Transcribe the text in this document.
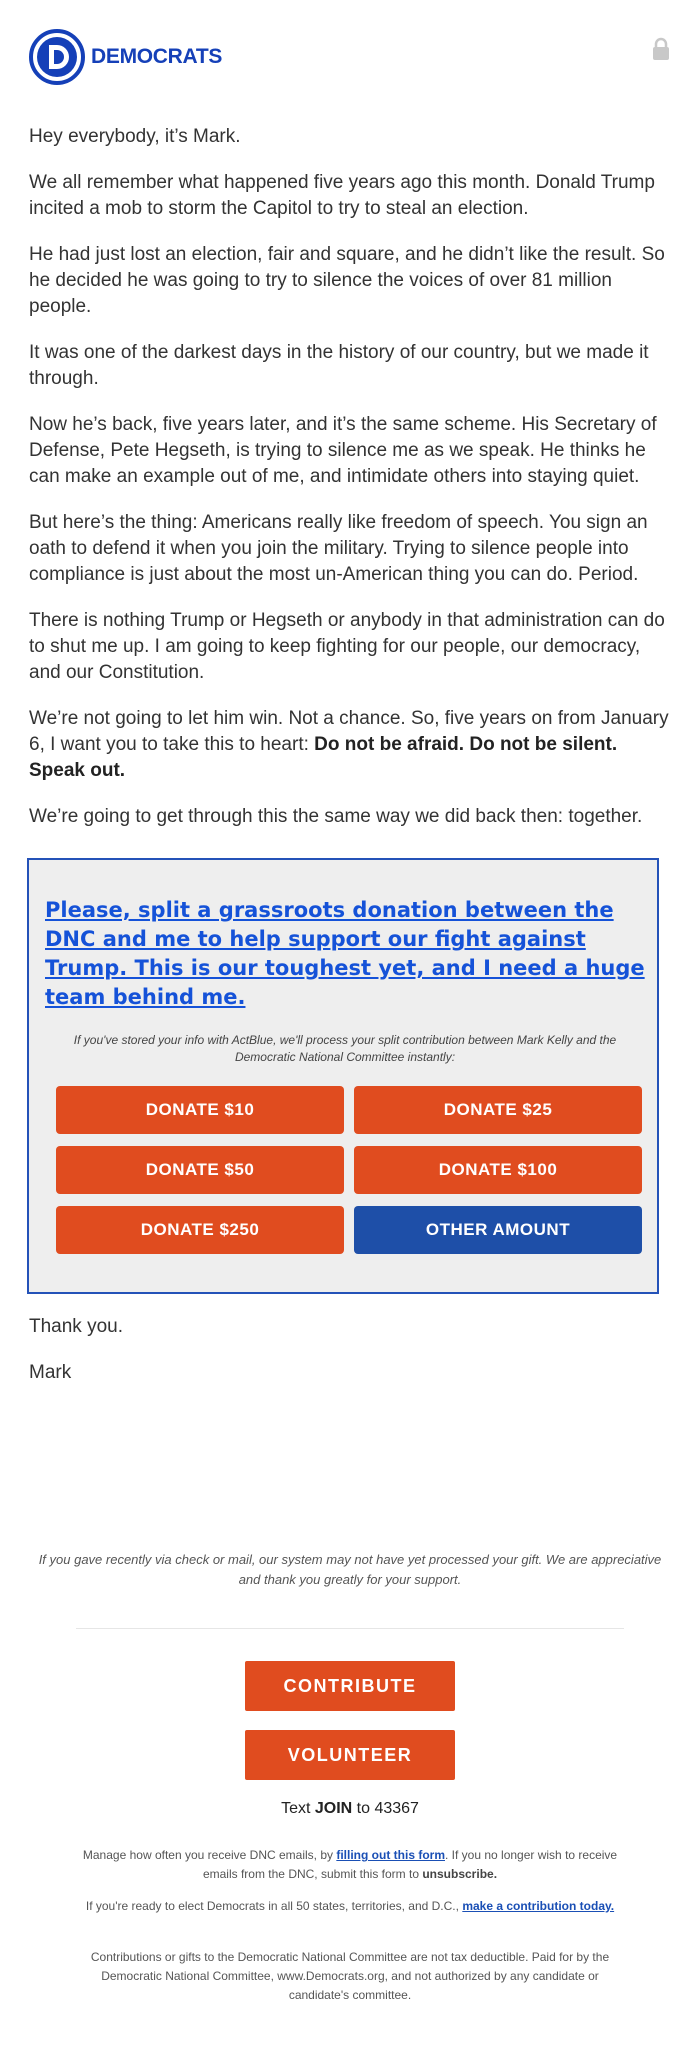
DEMOCRATS

Hey everybody, it’s Mark.

We all remember what happened five years ago this month. Donald Trump incited a mob to storm the Capitol to try to steal an election.

He had just lost an election, fair and square, and he didn’t like the result. So he decided he was going to try to silence the voices of over 81 million people.

It was one of the darkest days in the history of our country, but we made it through.

Now he’s back, five years later, and it’s the same scheme. His Secretary of Defense, Pete Hegseth, is trying to silence me as we speak. He thinks he can make an example out of me, and intimidate others into staying quiet.

But here’s the thing: Americans really like freedom of speech. You sign an oath to defend it when you join the military. Trying to silence people into compliance is just about the most un-American thing you can do. Period.

There is nothing Trump or Hegseth or anybody in that administration can do to shut me up. I am going to keep fighting for our people, our democracy, and our Constitution.

We’re not going to let him win. Not a chance. So, five years on from January 6, I want you to take this to heart: Do not be afraid. Do not be silent. Speak out.

We’re going to get through this the same way we did back then: together.

Please, split a grassroots donation between the DNC and me to help support our fight against Trump. This is our toughest yet, and I need a huge team behind me.
If you've stored your info with ActBlue, we'll process your split contribution between Mark Kelly and the Democratic National Committee instantly:
DONATE $10	DONATE $25
DONATE $50	DONATE $100
DONATE $250	OTHER AMOUNT

Thank you.

Mark

If you gave recently via check or mail, our system may not have yet processed your gift. We are appreciative and thank you greatly for your support.
CONTRIBUTE
VOLUNTEER
Text JOIN to 43367
Manage how often you receive DNC emails, by filling out this form. If you no longer wish to receive emails from the DNC, submit this form to unsubscribe.
If you're ready to elect Democrats in all 50 states, territories, and D.C., make a contribution today.
Contributions or gifts to the Democratic National Committee are not tax deductible. Paid for by the Democratic National Committee, www.Democrats.org, and not authorized by any candidate or candidate's committee.
